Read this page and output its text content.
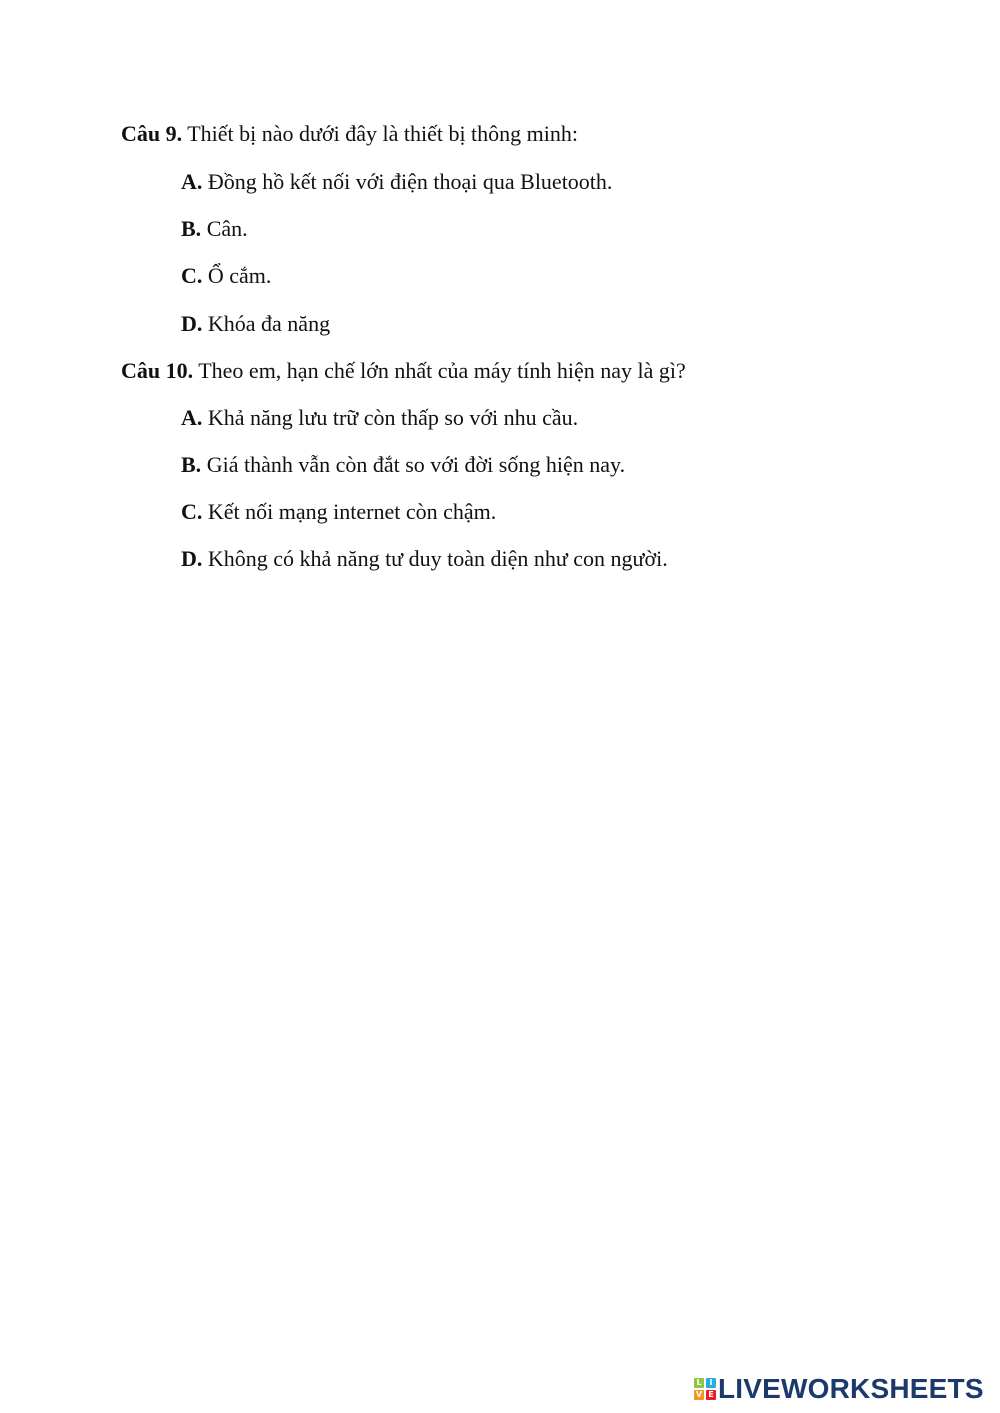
Câu 9. Thiết bị nào dưới đây là thiết bị thông minh:
A. Đồng hồ kết nối với điện thoại qua Bluetooth.
B. Cân.
C. Ổ cắm.
D. Khóa đa năng
Câu 10. Theo em, hạn chế lớn nhất của máy tính hiện nay là gì?
A. Khả năng lưu trữ còn thấp so với nhu cầu.
B. Giá thành vẫn còn đắt so với đời sống hiện nay.
C. Kết nối mạng internet còn chậm.
D. Không có khả năng tư duy toàn diện như con người.
L I
V E LIVEWORKSHEETS
